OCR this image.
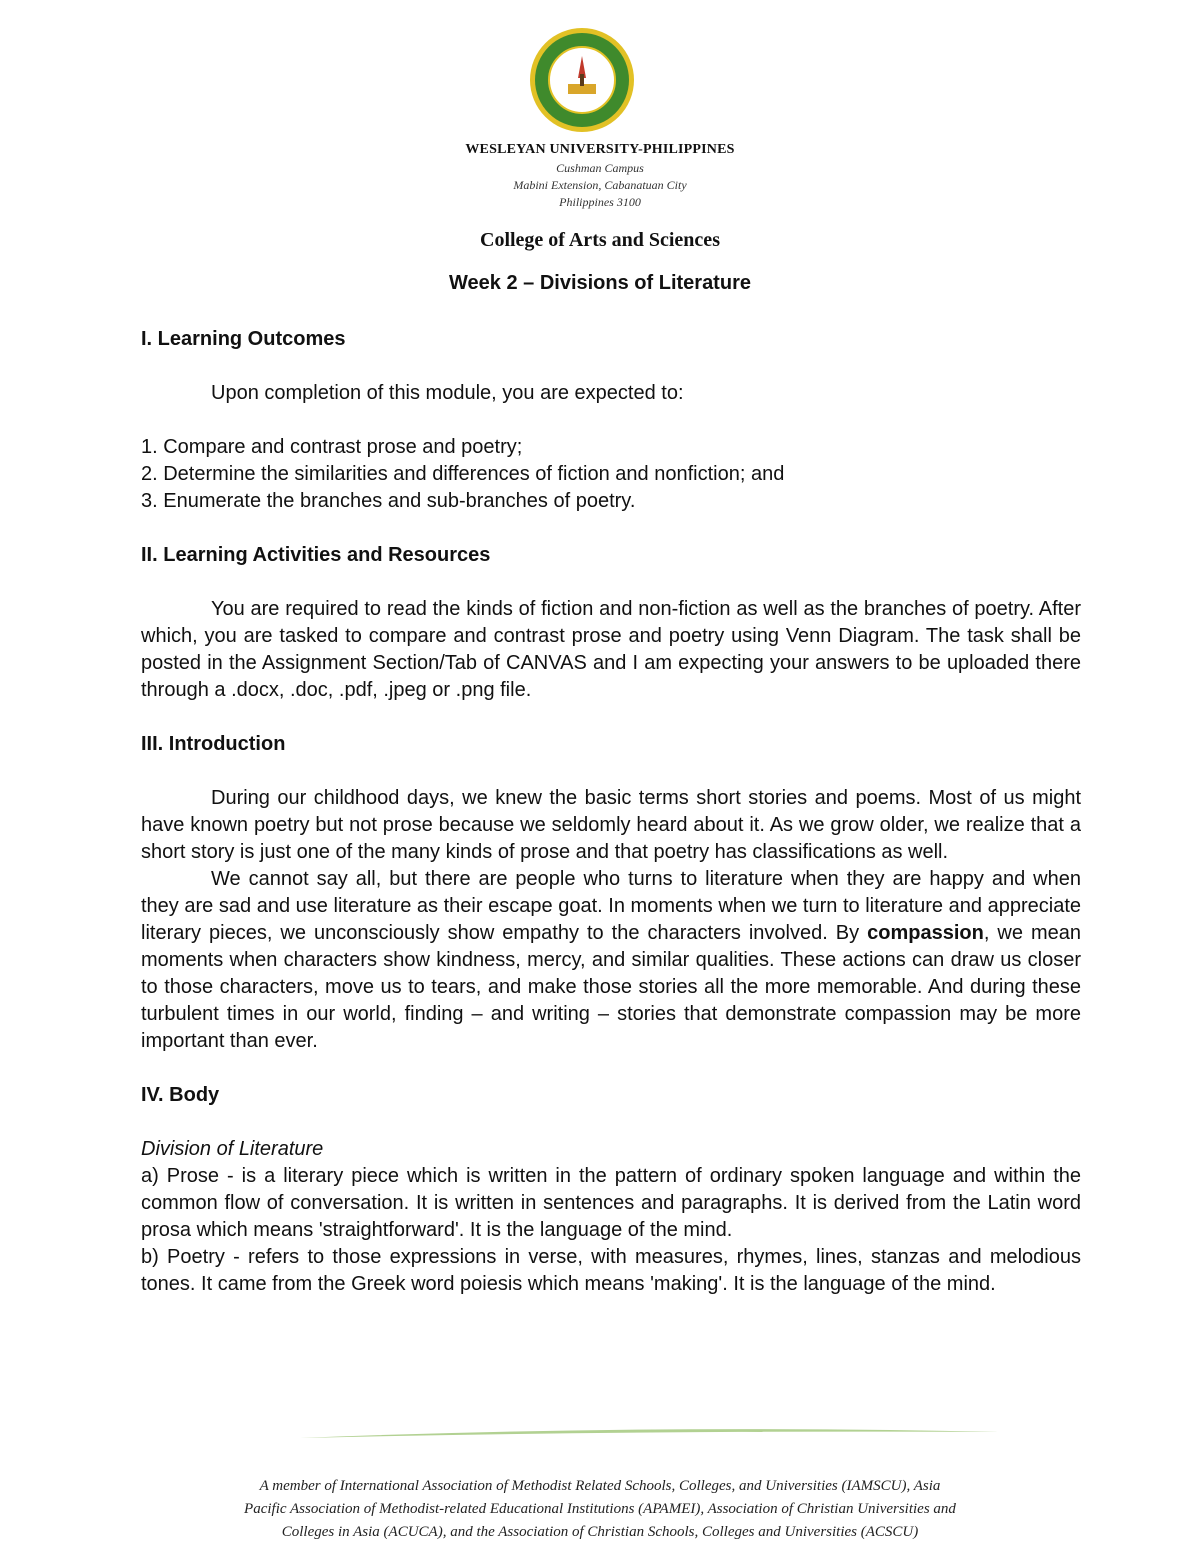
WESLEYAN UNIVERSITY-PHILIPPINES
Cushman Campus
Mabini Extension, Cabanatuan City
Philippines 3100
College of Arts and Sciences
Week 2 – Divisions of Literature

I. Learning Outcomes

Upon completion of this module, you are expected to:

1. Compare and contrast prose and poetry;

2. Determine the similarities and differences of fiction and nonfiction; and

3. Enumerate the branches and sub-branches of poetry.

II. Learning Activities and Resources

You are required to read the kinds of fiction and non-fiction as well as the branches of poetry. After which, you are tasked to compare and contrast prose and poetry using Venn Diagram. The task shall be posted in the Assignment Section/Tab of CANVAS and I am expecting your answers to be uploaded there through a .docx, .doc, .pdf, .jpeg or .png file.

III. Introduction

During our childhood days, we knew the basic terms short stories and poems. Most of us might have known poetry but not prose because we seldomly heard about it. As we grow older, we realize that a short story is just one of the many kinds of prose and that poetry has classifications as well.

We cannot say all, but there are people who turns to literature when they are happy and when they are sad and use literature as their escape goat. In moments when we turn to literature and appreciate literary pieces, we unconsciously show empathy to the characters involved. By compassion, we mean moments when characters show kindness, mercy, and similar qualities. These actions can draw us closer to those characters, move us to tears, and make those stories all the more memorable. And during these turbulent times in our world, finding – and writing – stories that demonstrate compassion may be more important than ever.

IV. Body

Division of Literature

a) Prose - is a literary piece which is written in the pattern of ordinary spoken language and within the common flow of conversation. It is written in sentences and paragraphs. It is derived from the Latin word prosa which means 'straightforward'. It is the language of the mind.

b) Poetry - refers to those expressions in verse, with measures, rhymes, lines, stanzas and melodious tones. It came from the Greek word poiesis which means 'making'. It is the language of the mind.

A member of International Association of Methodist Related Schools, Colleges, and Universities (IAMSCU), Asia
Pacific Association of Methodist-related Educational Institutions (APAMEI), Association of Christian Universities and
Colleges in Asia (ACUCA), and the Association of Christian Schools, Colleges and Universities (ACSCU)
